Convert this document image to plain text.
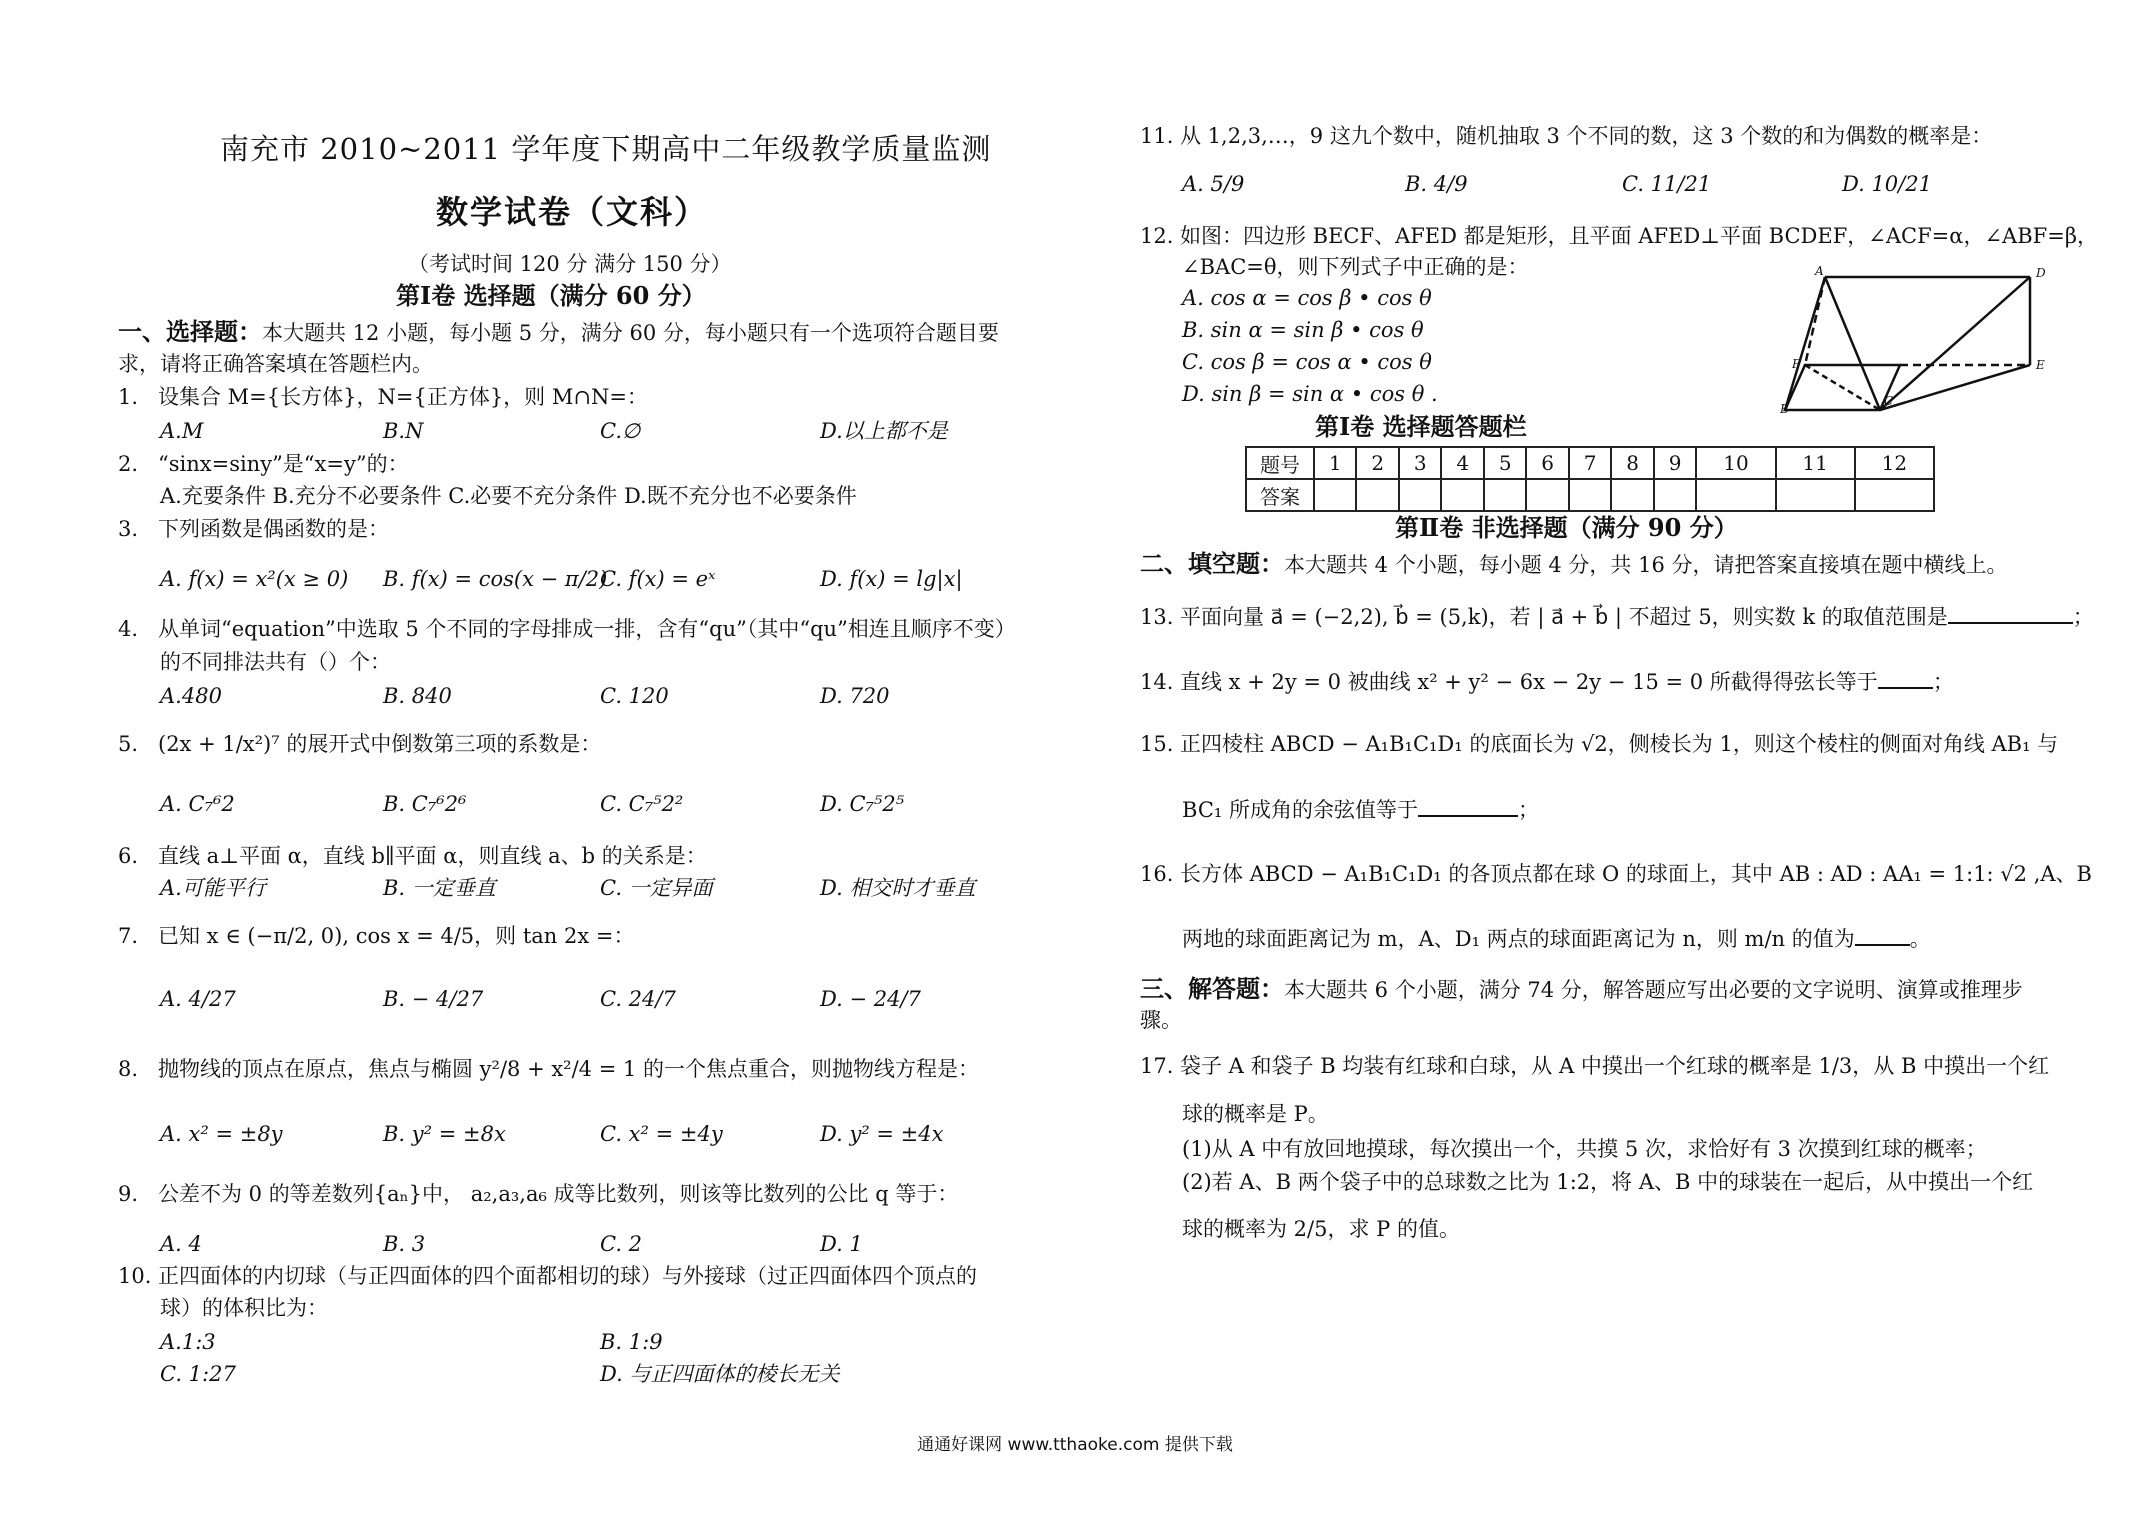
南充市 2010~2011 学年度下期高中二年级教学质量监测
数学试卷（文科）
（考试时间 120 分 满分 150 分）
第Ⅰ卷 选择题（满分 60 分）
一、选择题：本大题共 12 小题，每小题 5 分，满分 60 分，每小题只有一个选项符合题目要
求，请将正确答案填在答题栏内。
1. 设集合 M={长方体}，N={正方体}，则 M∩N=：
A.M	B.N	C.∅	D.以上都不是
2. “sinx=siny”是“x=y”的：
A.充要条件 B.充分不必要条件 C.必要不充分条件 D.既不充分也不必要条件
3. 下列函数是偶函数的是：
A. f(x) = x²(x ≥ 0) B. f(x) = cos(x − π/2)
C. f(x) = eˣ	D. f(x) = lg|x|
4. 从单词“equation”中选取 5 个不同的字母排成一排，含有“qu”（其中“qu”相连且顺序不变）
的不同排法共有（）个：
A.480	B. 840	C. 120	D. 720
5. (2x + 1/x²)⁷ 的展开式中倒数第三项的系数是：
A. C₇⁶2	B. C₇⁶2⁶	C. C₇⁵2²	D. C₇⁵2⁵
6. 直线 a⊥平面 α，直线 b∥平面 α，则直线 a、b 的关系是：
A.可能平行	B. 一定垂直	C. 一定异面	D. 相交时才垂直
7. 已知 x ∈ (−π/2, 0), cos x = 4/5，则 tan 2x =：
A. 4/27	B. − 4/27	C. 24/7	D. − 24/7
8. 抛物线的顶点在原点，焦点与椭圆 y²/8 + x²/4 = 1 的一个焦点重合，则抛物线方程是：
A. x² = ±8y	B. y² = ±8x	C. x² = ±4y	D. y² = ±4x
9. 公差不为 0 的等差数列{aₙ}中， a₂,a₃,a₆ 成等比数列，则该等比数列的公比 q 等于：
A. 4	B. 3	C. 2	D. 1
10. 正四面体的内切球（与正四面体的四个面都相切的球）与外接球（过正四面体四个顶点的
球）的体积比为：
A.1:3	B. 1:9
C. 1:27	D. 与正四面体的棱长无关
11. 从 1,2,3,…，9 这九个数中，随机抽取 3 个不同的数，这 3 个数的和为偶数的概率是：
A. 5/9	B. 4/9	C. 11/21	D. 10/21
12. 如图：四边形 BECF、AFED 都是矩形，且平面 AFED⊥平面 BCDEF，∠ACF=α，∠ABF=β，
∠BAC=θ，则下列式子中正确的是：
A. cos α = cos β • cos θ
B. sin α = sin β • cos θ
C. cos β = cos α • cos θ
D. sin β = sin α • cos θ .
A	D
F	E
B
C
第Ⅰ卷 选择题答题栏
题号	1	2	3	4	5	6	7	8	9	10	11	12
答案												
第Ⅱ卷 非选择题（满分 90 分）
二、填空题：本大题共 4 个小题，每小题 4 分，共 16 分，请把答案直接填在题中横线上。
13. 平面向量 a⃗ = (−2,2), b⃗ = (5,k)，若 | a⃗ + b⃗ | 不超过 5，则实数 k 的取值范围是	；
14. 直线 x + 2y = 0 被曲线 x² + y² − 6x − 2y − 15 = 0 所截得得弦长等于	；
15. 正四棱柱 ABCD − A₁B₁C₁D₁ 的底面长为 √2，侧棱长为 1，则这个棱柱的侧面对角线 AB₁ 与
BC₁ 所成角的余弦值等于	；
16. 长方体 ABCD − A₁B₁C₁D₁ 的各顶点都在球 O 的球面上，其中 AB : AD : AA₁ = 1:1: √2 ,A、B
两地的球面距离记为 m，A、D₁ 两点的球面距离记为 n，则 m/n 的值为	。
三、解答题：本大题共 6 个小题，满分 74 分，解答题应写出必要的文字说明、演算或推理步
骤。
17. 袋子 A 和袋子 B 均装有红球和白球，从 A 中摸出一个红球的概率是 1/3，从 B 中摸出一个红
球的概率是 P。
(1)从 A 中有放回地摸球，每次摸出一个，共摸 5 次，求恰好有 3 次摸到红球的概率；
(2)若 A、B 两个袋子中的总球数之比为 1:2，将 A、B 中的球装在一起后，从中摸出一个红
球的概率为 2/5，求 P 的值。
通通好课网 www.tthaoke.com 提供下载
